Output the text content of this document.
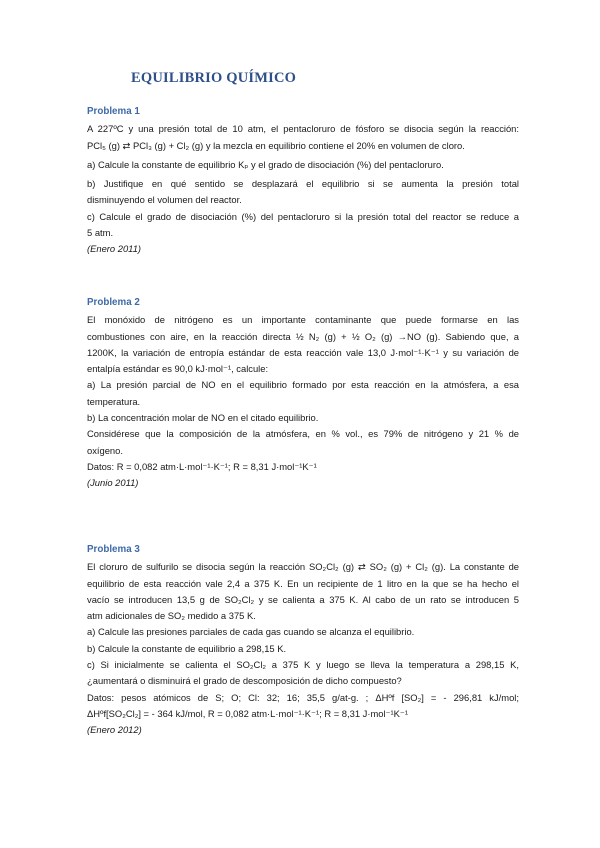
EQUILIBRIO QUÍMICO
Problema 1
A 227ºC y una presión total de 10 atm, el pentacloruro de fósforo se disocia según la reacción:
PCl₅ (g) ⇄ PCl₃ (g) + Cl₂ (g) y la mezcla en equilibrio contiene el 20% en volumen de cloro.
a) Calcule la constante de equilibrio Kₚ y el grado de disociación (%) del pentacloruro.
b) Justifique en qué sentido se desplazará el equilibrio si se aumenta la presión total
disminuyendo el volumen del reactor.
c) Calcule el grado de disociación (%) del pentacloruro si la presión total del reactor se reduce a
5 atm.
(Enero 2011)
Problema 2
El monóxido de nitrógeno es un importante contaminante que puede formarse en las
combustiones con aire, en la reacción directa ½ N₂ (g) + ½ O₂ (g) →NO (g). Sabiendo que, a
1200K, la variación de entropía estándar de esta reacción vale 13,0 J·mol⁻¹·K⁻¹ y su variación de
entalpía estándar es 90,0 kJ·mol⁻¹, calcule:
a) La presión parcial de NO en el equilibrio formado por esta reacción en la atmósfera, a esa
temperatura.
b) La concentración molar de NO en el citado equilibrio.
Considérese que la composición de la atmósfera, en % vol., es 79% de nitrógeno y 21 % de
oxígeno.
Datos: R = 0,082 atm·L·mol⁻¹·K⁻¹; R = 8,31 J·mol⁻¹K⁻¹
(Junio 2011)
Problema 3
El cloruro de sulfurilo se disocia según la reacción SO₂Cl₂ (g) ⇄ SO₂ (g) + Cl₂ (g). La constante de
equilibrio de esta reacción vale 2,4 a 375 K. En un recipiente de 1 litro en la que se ha hecho el
vacío se introducen 13,5 g de SO₂Cl₂ y se calienta a 375 K. Al cabo de un rato se introducen 5
atm adicionales de SO₂ medido a 375 K.
a) Calcule las presiones parciales de cada gas cuando se alcanza el equilibrio.
b) Calcule la constante de equilibrio a 298,15 K.
c) Si inicialmente se calienta el SO₂Cl₂ a 375 K y luego se lleva la temperatura a 298,15 K,
¿aumentará o disminuirá el grado de descomposición de dicho compuesto?
Datos: pesos atómicos de S; O; Cl: 32; 16; 35,5 g/at-g. ; ΔHºf [SO₂] = - 296,81 kJ/mol;
ΔHºf[SO₂Cl₂] = - 364 kJ/mol, R = 0,082 atm·L·mol⁻¹·K⁻¹; R = 8,31 J·mol⁻¹K⁻¹
(Enero 2012)
